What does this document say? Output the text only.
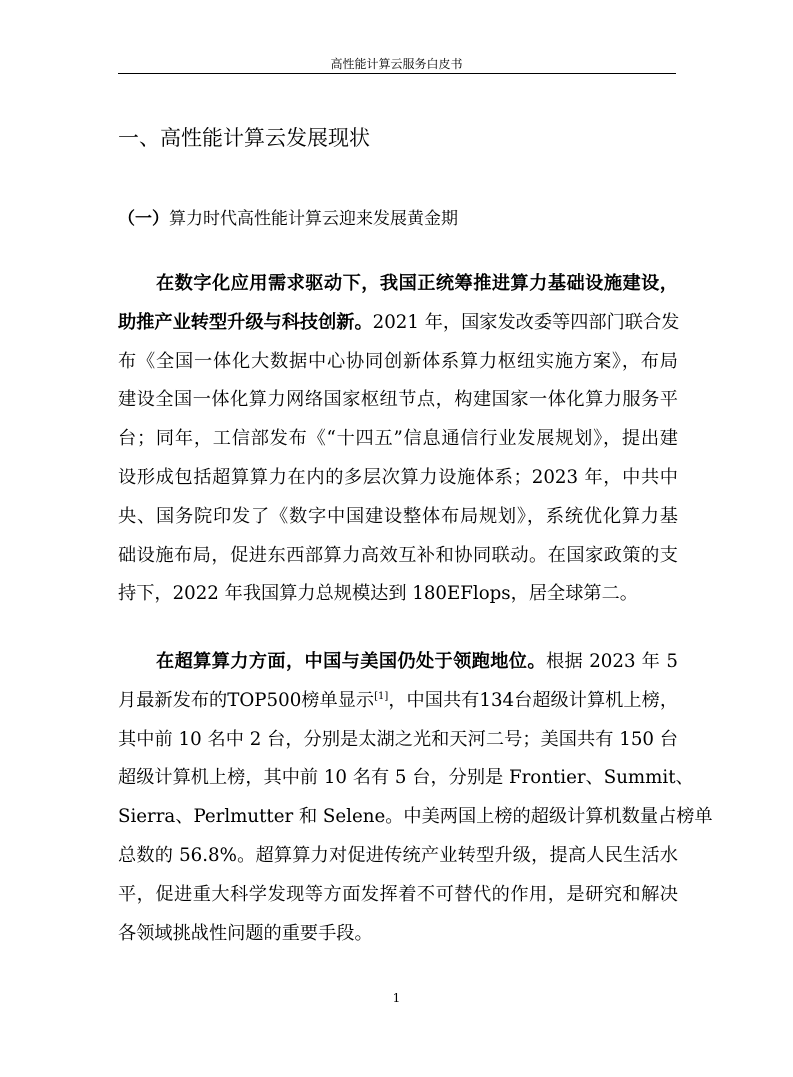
高性能计算云服务白皮书
一、高性能计算云发展现状
（一）算力时代高性能计算云迎来发展黄金期
在数字化应用需求驱动下，我国正统筹推进算力基础设施建设，
助推产业转型升级与科技创新。2021 年，国家发改委等四部门联合发
布《全国一体化大数据中心协同创新体系算力枢纽实施方案》，布局
建设全国一体化算力网络国家枢纽节点，构建国家一体化算力服务平
台；同年，工信部发布《“十四五”信息通信行业发展规划》，提出建
设形成包括超算算力在内的多层次算力设施体系；2023 年，中共中
央、国务院印发了《数字中国建设整体布局规划》，系统优化算力基
础设施布局，促进东西部算力高效互补和协同联动。在国家政策的支
持下，2022 年我国算力总规模达到 180EFlops，居全球第二。
在超算算力方面，中国与美国仍处于领跑地位。根据 2023 年 5
月最新发布的TOP500榜单显示[1]，中国共有134台超级计算机上榜，
其中前 10 名中 2 台，分别是太湖之光和天河二号；美国共有 150 台
超级计算机上榜，其中前 10 名有 5 台，分别是 Frontier、Summit、
Sierra、Perlmutter 和 Selene。中美两国上榜的超级计算机数量占榜单
总数的 56.8%。超算算力对促进传统产业转型升级，提高人民生活水
平，促进重大科学发现等方面发挥着不可替代的作用，是研究和解决
各领域挑战性问题的重要手段。
1
